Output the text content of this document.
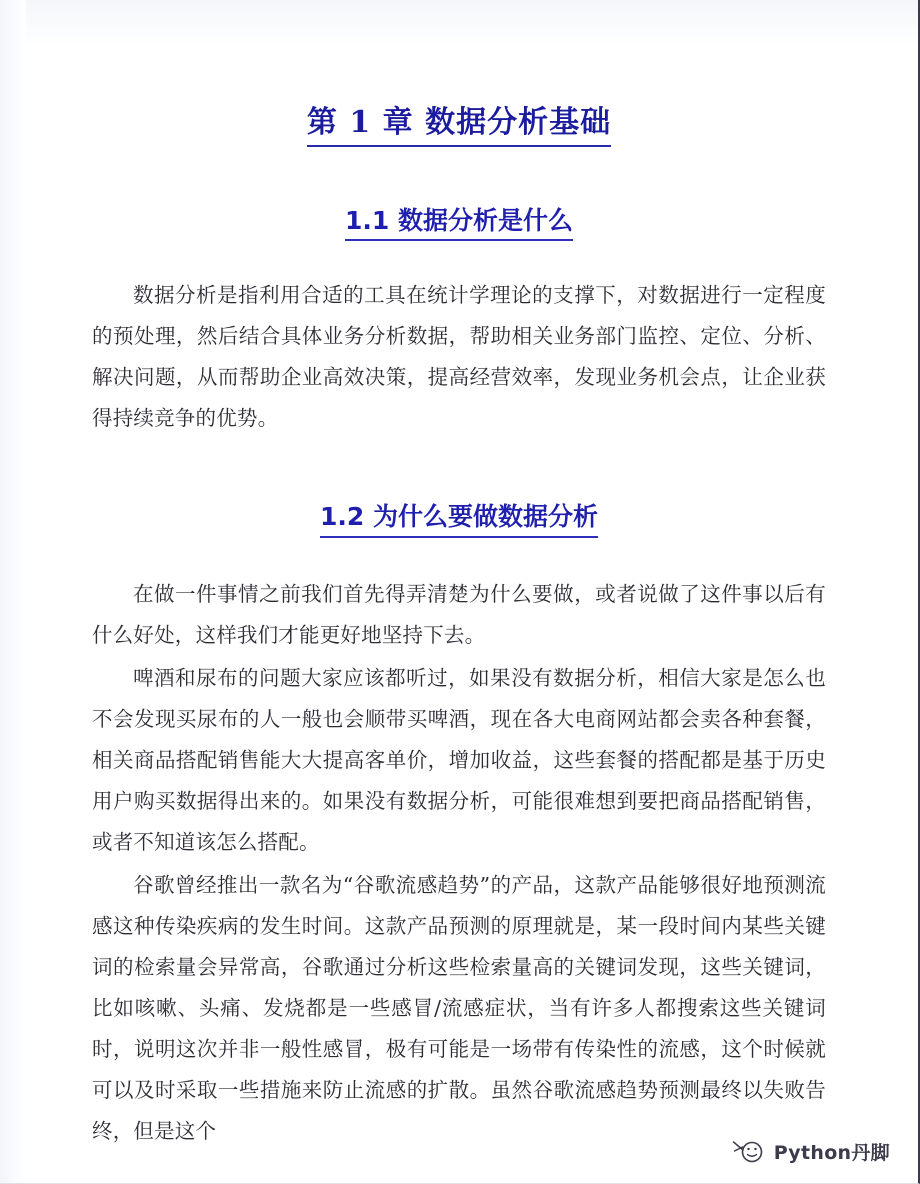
第 1 章 数据分析基础
1.1 数据分析是什么

数据分析是指利用合适的工具在统计学理论的支撑下，对数据进行一定程度的预处理，然后结合具体业务分析数据，帮助相关业务部门监控、定位、分析、解决问题，从而帮助企业高效决策，提高经营效率，发现业务机会点，让企业获得持续竞争的优势。

1.2 为什么要做数据分析

在做一件事情之前我们首先得弄清楚为什么要做，或者说做了这件事以后有什么好处，这样我们才能更好地坚持下去。

啤酒和尿布的问题大家应该都听过，如果没有数据分析，相信大家是怎么也不会发现买尿布的人一般也会顺带买啤酒，现在各大电商网站都会卖各种套餐，相关商品搭配销售能大大提高客单价，增加收益，这些套餐的搭配都是基于历史用户购买数据得出来的。如果没有数据分析，可能很难想到要把商品搭配销售，或者不知道该怎么搭配。

谷歌曾经推出一款名为“谷歌流感趋势”的产品，这款产品能够很好地预测流感这种传染疾病的发生时间。这款产品预测的原理就是，某一段时间内某些关键词的检索量会异常高，谷歌通过分析这些检索量高的关键词发现，这些关键词，比如咳嗽、头痛、发烧都是一些感冒/流感症状，当有许多人都搜索这些关键词时，说明这次并非一般性感冒，极有可能是一场带有传染性的流感，这个时候就可以及时采取一些措施来防止流感的扩散。虽然谷歌流感趋势预测最终以失败告终，但是这个

Python丹脚
